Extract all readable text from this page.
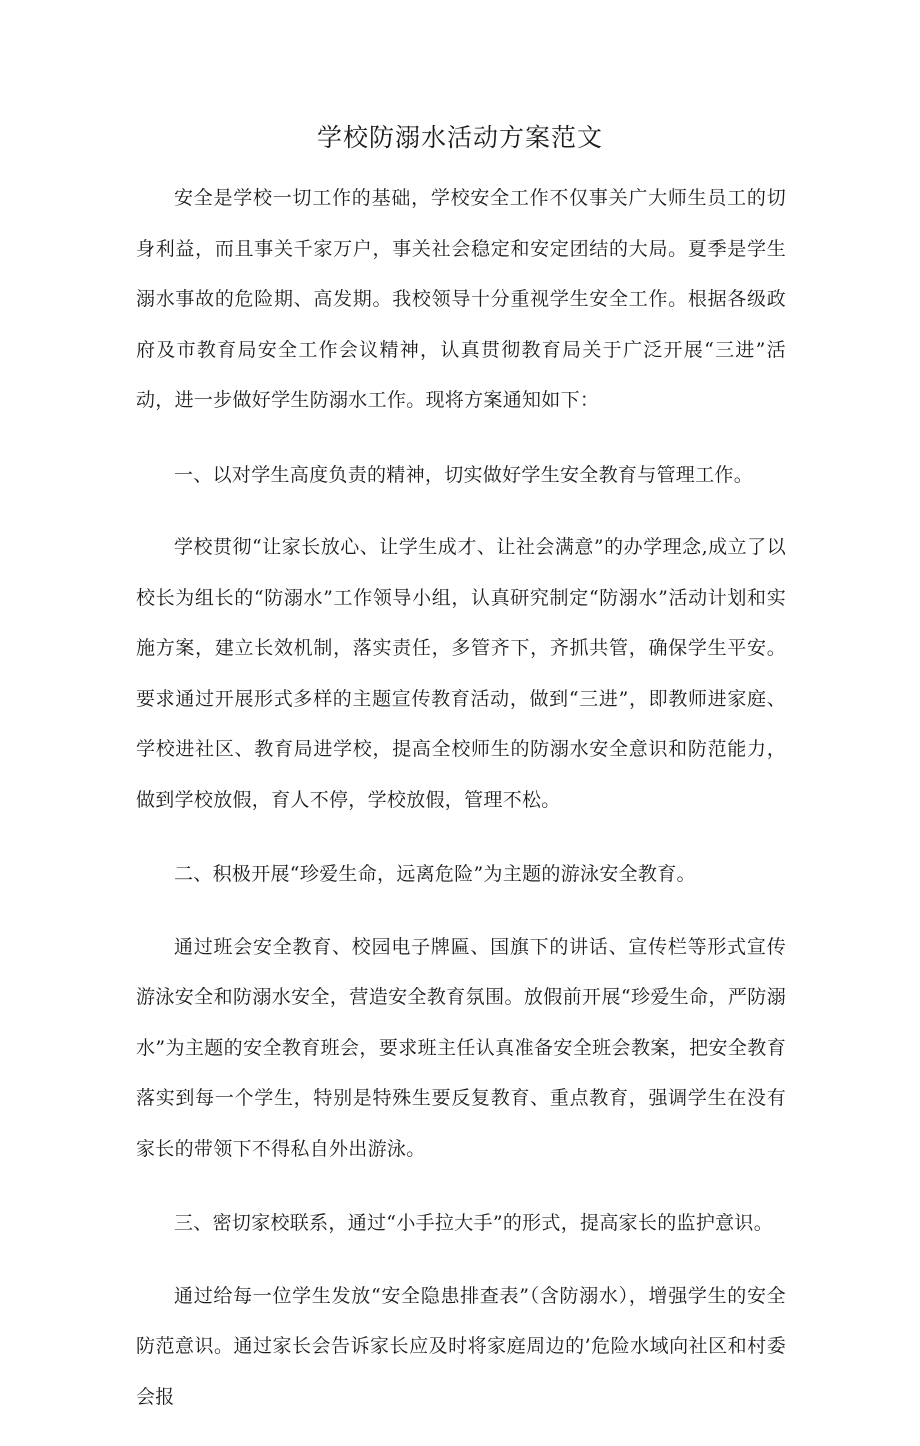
学校防溺水活动方案范文

安全是学校一切工作的基础，学校安全工作不仅事关广大师生员工的切身利益，而且事关千家万户，事关社会稳定和安定团结的大局。夏季是学生溺水事故的危险期、高发期。我校领导十分重视学生安全工作。根据各级政府及市教育局安全工作会议精神，认真贯彻教育局关于广泛开展“三进”活动，进一步做好学生防溺水工作。现将方案通知如下：

一、以对学生高度负责的精神，切实做好学生安全教育与管理工作。

学校贯彻“让家长放心、让学生成才、让社会满意”的办学理念,成立了以校长为组长的“防溺水”工作领导小组，认真研究制定“防溺水”活动计划和实施方案，建立长效机制，落实责任，多管齐下，齐抓共管，确保学生平安。要求通过开展形式多样的主题宣传教育活动，做到“三进”，即教师进家庭、学校进社区、教育局进学校，提高全校师生的防溺水安全意识和防范能力，做到学校放假，育人不停，学校放假，管理不松。

二、积极开展“珍爱生命，远离危险”为主题的游泳安全教育。

通过班会安全教育、校园电子牌匾、国旗下的讲话、宣传栏等形式宣传游泳安全和防溺水安全，营造安全教育氛围。放假前开展“珍爱生命，严防溺水”为主题的安全教育班会，要求班主任认真准备安全班会教案，把安全教育落实到每一个学生，特别是特殊生要反复教育、重点教育，强调学生在没有家长的带领下不得私自外出游泳。

三、密切家校联系，通过“小手拉大手”的形式，提高家长的监护意识。

通过给每一位学生发放“安全隐患排查表”（含防溺水），增强学生的安全防范意识。通过家长会告诉家长应及时将家庭周边的’危险水域向社区和村委会报
